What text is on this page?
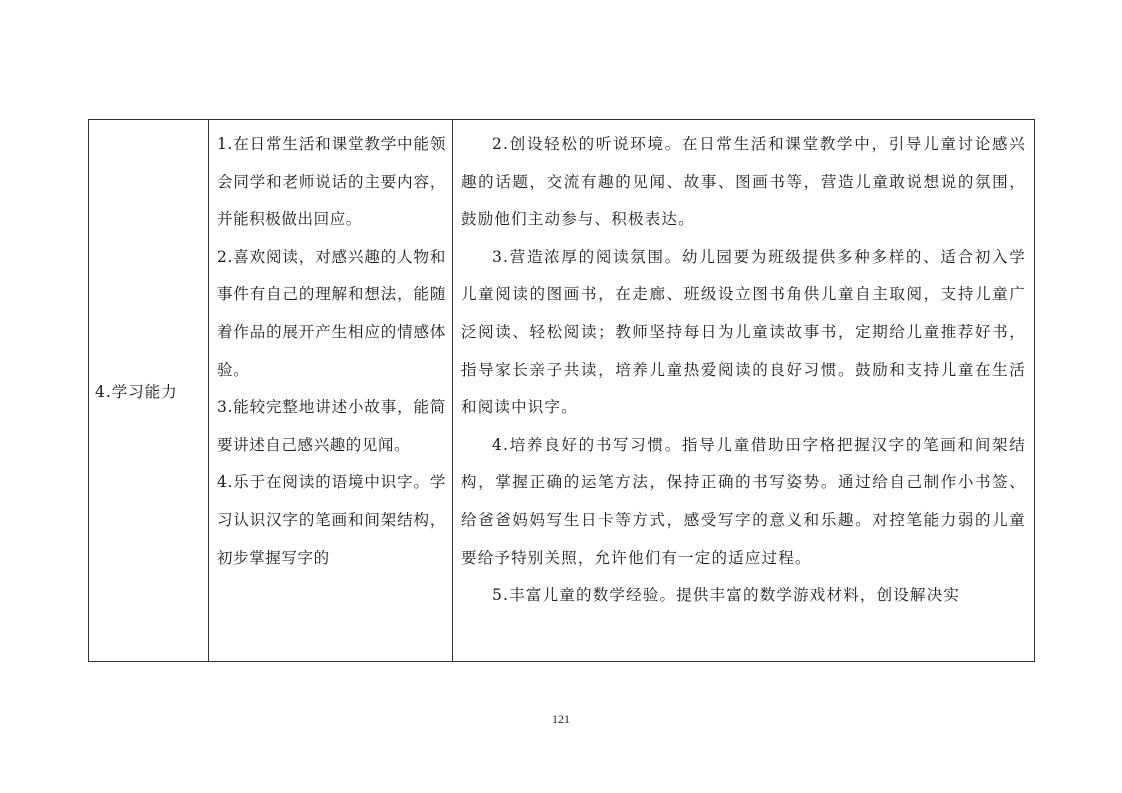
4.学习能力

1.在日常生活和课堂教学中能领会同学和老师说话的主要内容，并能积极做出回应。

2.喜欢阅读，对感兴趣的人物和事件有自己的理解和想法，能随着作品的展开产生相应的情感体验。

3.能较完整地讲述小故事，能简要讲述自己感兴趣的见闻。

4.乐于在阅读的语境中识字。学习认识汉字的笔画和间架结构，初步掌握写字的

2.创设轻松的听说环境。在日常生活和课堂教学中，引导儿童讨论感兴趣的话题，交流有趣的见闻、故事、图画书等，营造儿童敢说想说的氛围，鼓励他们主动参与、积极表达。

3.营造浓厚的阅读氛围。幼儿园要为班级提供多种多样的、适合初入学儿童阅读的图画书，在走廊、班级设立图书角供儿童自主取阅，支持儿童广泛阅读、轻松阅读；教师坚持每日为儿童读故事书，定期给儿童推荐好书，指导家长亲子共读，培养儿童热爱阅读的良好习惯。鼓励和支持儿童在生活和阅读中识字。

4.培养良好的书写习惯。指导儿童借助田字格把握汉字的笔画和间架结构，掌握正确的运笔方法，保持正确的书写姿势。通过给自己制作小书签、给爸爸妈妈写生日卡等方式，感受写字的意义和乐趣。对控笔能力弱的儿童要给予特别关照，允许他们有一定的适应过程。

5.丰富儿童的数学经验。提供丰富的数学游戏材料，创设解决实

121
